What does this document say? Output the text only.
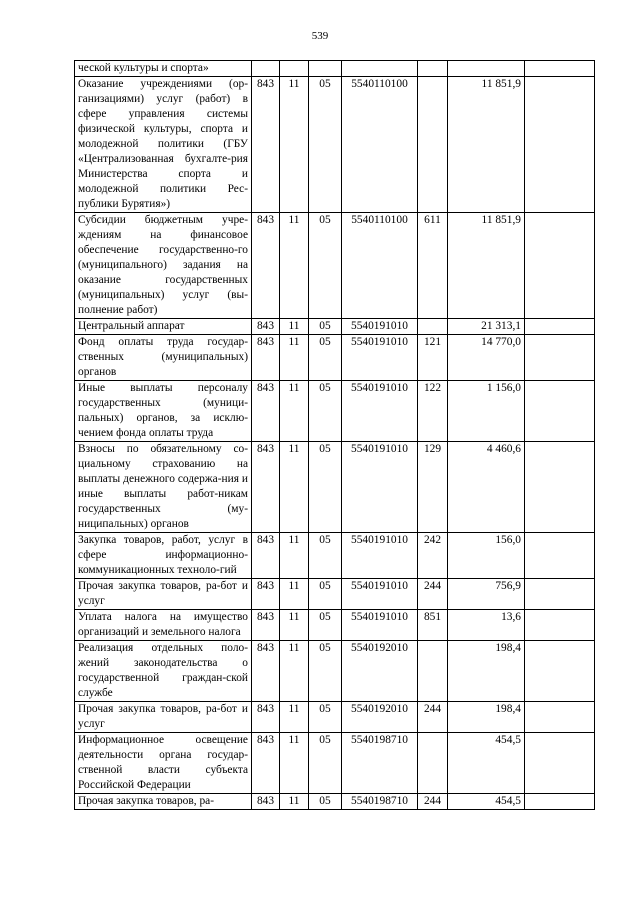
539
ческой культуры и спорта»							
Оказание учреждениями (ор-ганизациями) услуг (работ) в сфере управления системы физической культуры, спорта и молодежной политики (ГБУ «Централизованная бухгалте-рия Министерства спорта и молодежной политики Рес-публики Бурятия»)	843	11	05	5540110100		11 851,9	
Субсидии бюджетным учре-ждениям на финансовое обеспечение государственно-го (муниципального) задания на оказание государственных (муниципальных) услуг (вы-полнение работ)	843	11	05	5540110100	611	11 851,9	
Центральный аппарат	843	11	05	5540191010		21 313,1	
Фонд оплаты труда государ-ственных (муниципальных) органов	843	11	05	5540191010	121	14 770,0	
Иные выплаты персоналу государственных (муници-пальных) органов, за исклю-чением фонда оплаты труда	843	11	05	5540191010	122	1 156,0	
Взносы по обязательному со-циальному страхованию на выплаты денежного содержа-ния и иные выплаты работ-никам государственных (му-ниципальных) органов	843	11	05	5540191010	129	4 460,6	
Закупка товаров, работ, услуг в сфере информационно-коммуникационных техноло-гий	843	11	05	5540191010	242	156,0	
Прочая закупка товаров, ра-бот и услуг	843	11	05	5540191010	244	756,9	
Уплата налога на имущество организаций и земельного налога	843	11	05	5540191010	851	13,6	
Реализация отдельных поло-жений законодательства о государственной граждан-ской службе	843	11	05	5540192010		198,4	
Прочая закупка товаров, ра-бот и услуг	843	11	05	5540192010	244	198,4	
Информационное освещение деятельности органа государ-ственной власти субъекта Российской Федерации	843	11	05	5540198710		454,5	
Прочая закупка товаров, ра-	843	11	05	5540198710	244	454,5	
